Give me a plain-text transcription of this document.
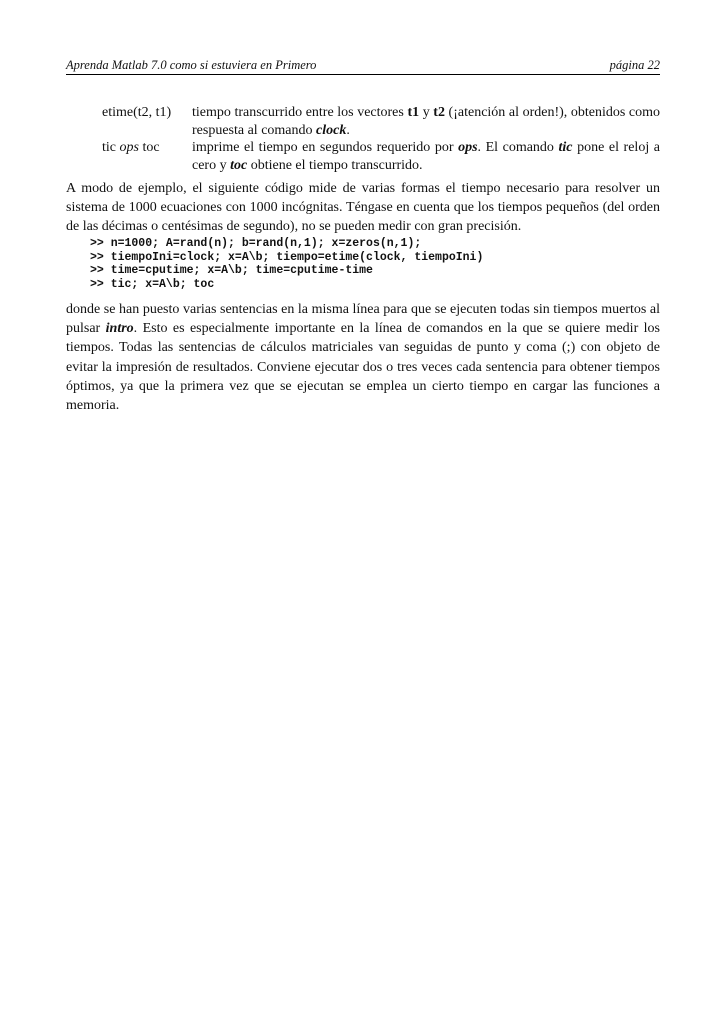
Aprenda Matlab 7.0 como si estuviera en Primero	página 22
etime(t2, t1)	tiempo transcurrido entre los vectores t1 y t2 (¡atención al orden!), obtenidos como respuesta al comando clock.
tic ops toc	imprime el tiempo en segundos requerido por ops. El comando tic pone el reloj a cero y toc obtiene el tiempo transcurrido.
A modo de ejemplo, el siguiente código mide de varias formas el tiempo necesario para resolver un sistema de 1000 ecuaciones con 1000 incógnitas. Téngase en cuenta que los tiempos pequeños (del orden de las décimas o centésimas de segundo), no se pueden medir con gran precisión.
>> n=1000; A=rand(n); b=rand(n,1); x=zeros(n,1);
>> tiempoIni=clock; x=A\b; tiempo=etime(clock, tiempoIni)
>> time=cputime; x=A\b; time=cputime-time
>> tic; x=A\b; toc
donde se han puesto varias sentencias en la misma línea para que se ejecuten todas sin tiempos muertos al pulsar intro. Esto es especialmente importante en la línea de comandos en la que se quiere medir los tiempos. Todas las sentencias de cálculos matriciales van seguidas de punto y coma (;) con objeto de evitar la impresión de resultados. Conviene ejecutar dos o tres veces cada sentencia para obtener tiempos óptimos, ya que la primera vez que se ejecutan se emplea un cierto tiempo en cargar las funciones a memoria.
